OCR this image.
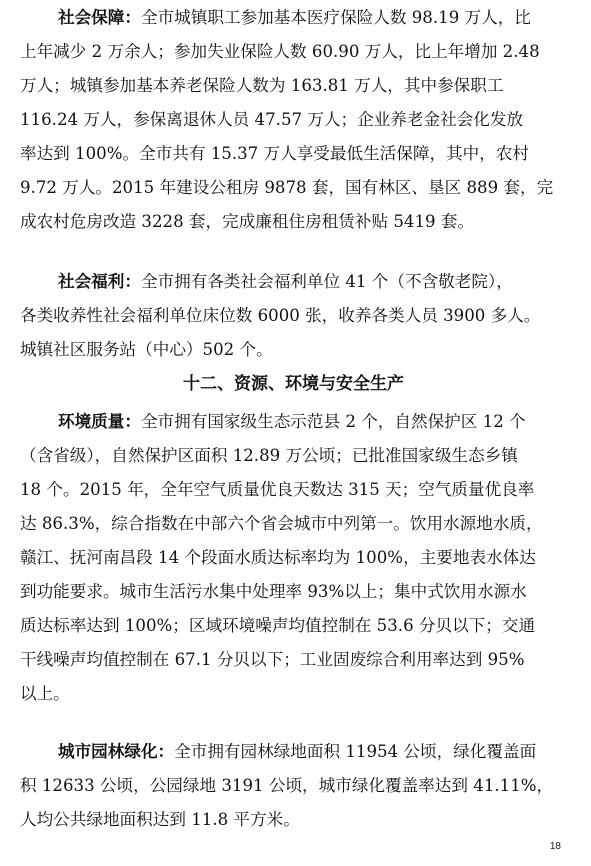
社会保障：全市城镇职工参加基本医疗保险人数 98.19 万人，比
上年减少 2 万余人；参加失业保险人数 60.90 万人，比上年增加 2.48
万人；城镇参加基本养老保险人数为 163.81 万人，其中参保职工
116.24 万人，参保离退休人员 47.57 万人；企业养老金社会化发放
率达到 100%。全市共有 15.37 万人享受最低生活保障，其中，农村
9.72 万人。2015 年建设公租房 9878 套，国有林区、垦区 889 套，完
成农村危房改造 3228 套，完成廉租住房租赁补贴 5419 套。
社会福利：全市拥有各类社会福利单位 41 个（不含敬老院），
各类收养性社会福利单位床位数 6000 张，收养各类人员 3900 多人。
城镇社区服务站（中心）502 个。
十二、资源、环境与安全生产
环境质量：全市拥有国家级生态示范县 2 个，自然保护区 12 个
（含省级），自然保护区面积 12.89 万公顷；已批准国家级生态乡镇
18 个。2015 年，全年空气质量优良天数达 315 天；空气质量优良率
达 86.3%，综合指数在中部六个省会城市中列第一。饮用水源地水质，
赣江、抚河南昌段 14 个段面水质达标率均为 100%，主要地表水体达
到功能要求。城市生活污水集中处理率 93%以上；集中式饮用水源水
质达标率达到 100%；区域环境噪声均值控制在 53.6 分贝以下；交通
干线噪声均值控制在 67.1 分贝以下；工业固废综合利用率达到 95%
以上。
城市园林绿化：全市拥有园林绿地面积 11954 公顷，绿化覆盖面
积 12633 公顷，公园绿地 3191 公顷，城市绿化覆盖率达到 41.11%，
人均公共绿地面积达到 11.8 平方米。
18
